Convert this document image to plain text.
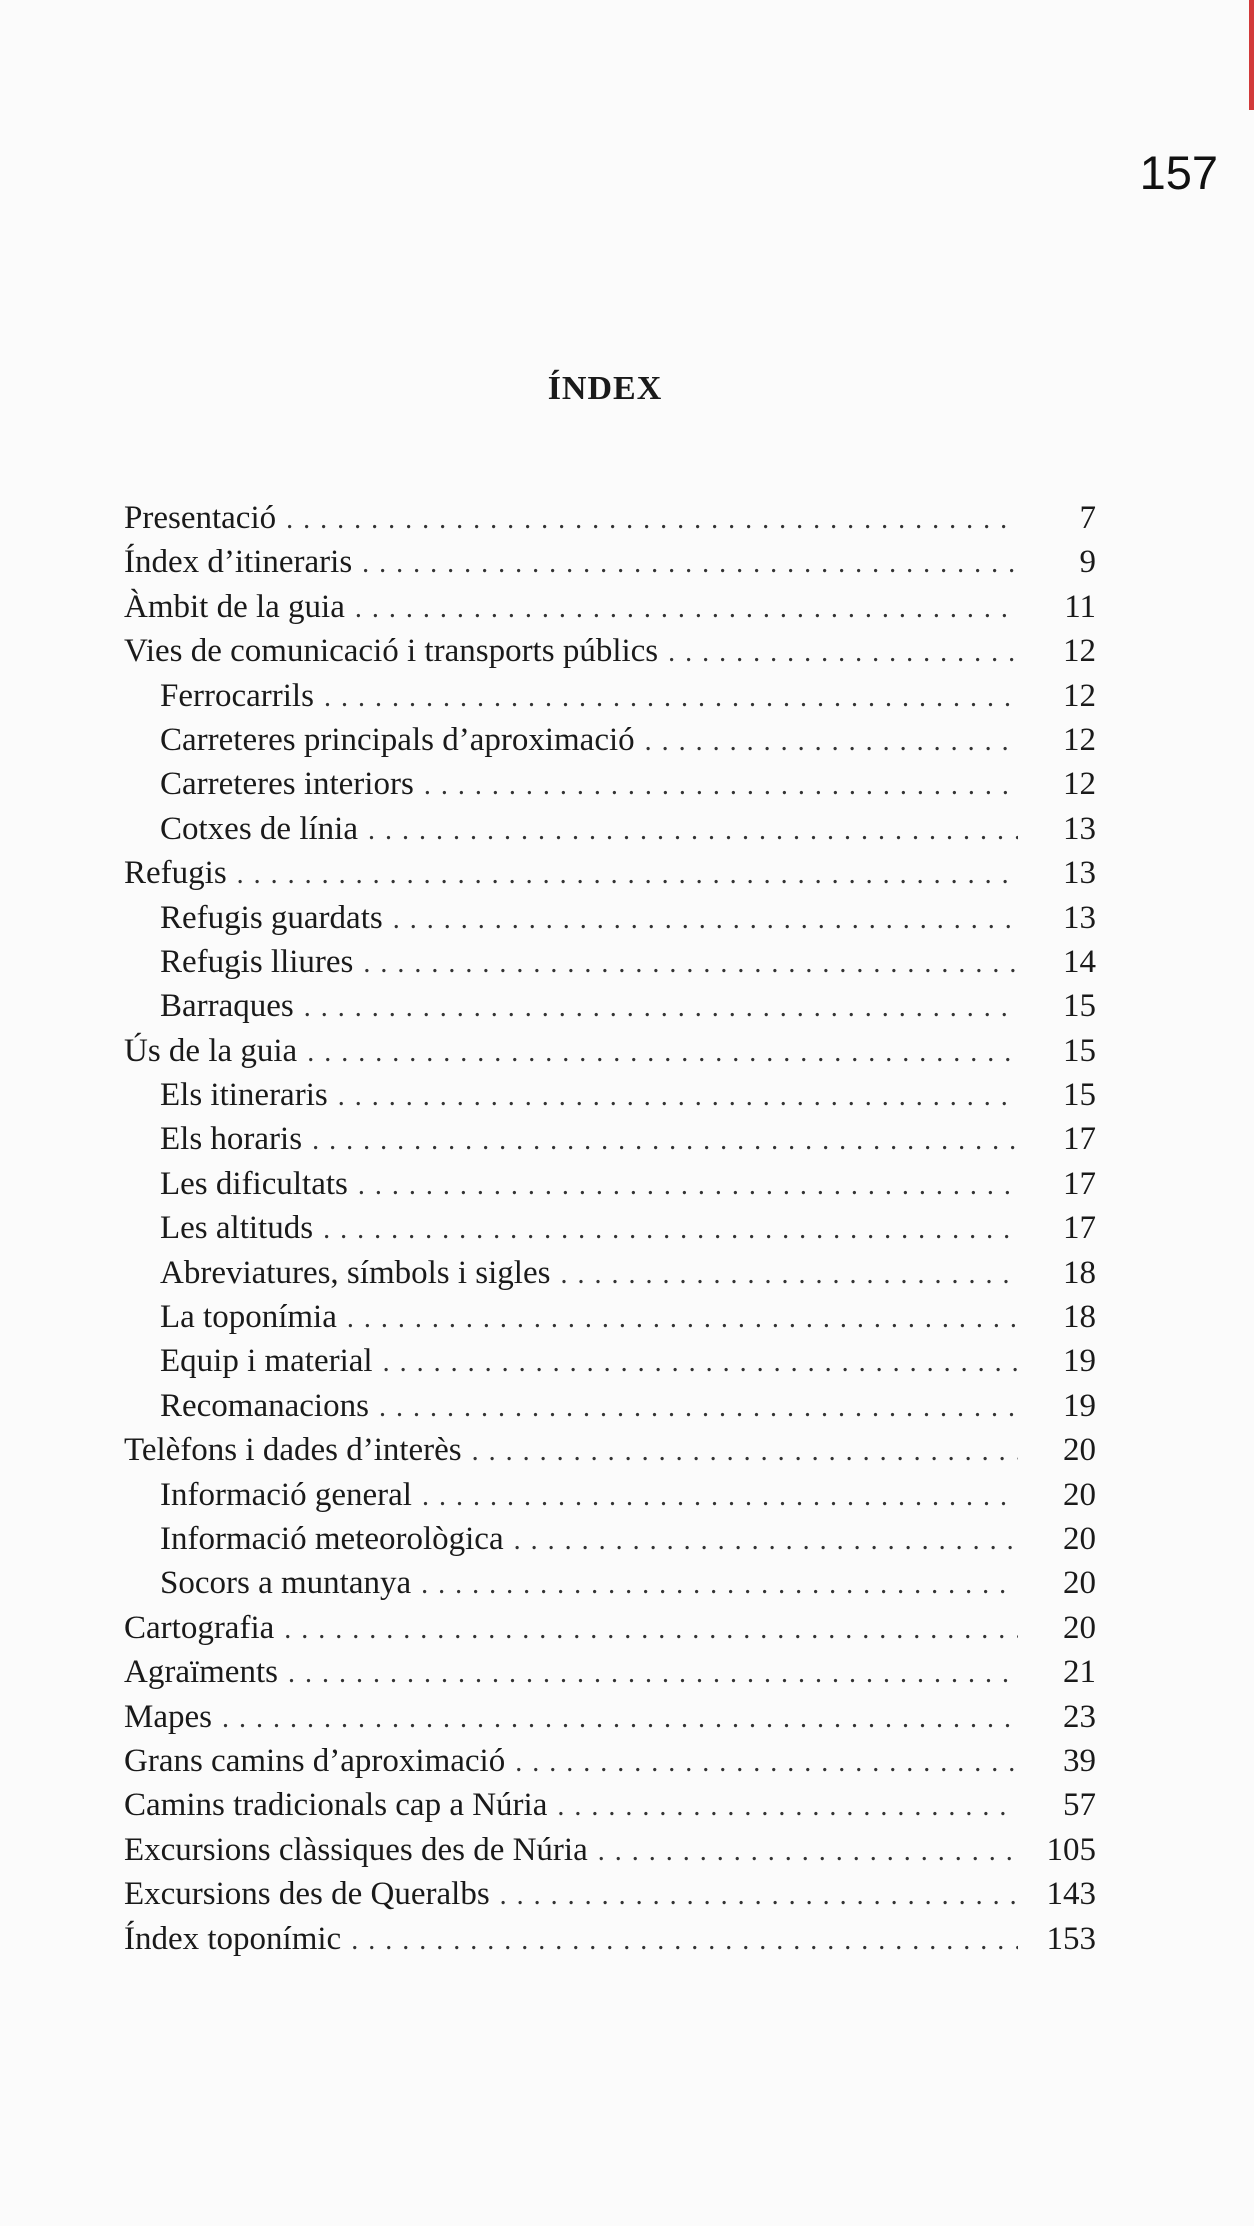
157
ÍNDEX
Presentació . . .	7
Índex d’itineraris . . .	9
Àmbit de la guia . . .	11
Vies de comunicació i transports públics . . .	12
Ferrocarrils . . .	12
Carreteres principals d’aproximació . . .	12
Carreteres interiors . . .	12
Cotxes de línia . . .	13
Refugis . . .	13
Refugis guardats . . .	13
Refugis lliures . . .	14
Barraques . . .	15
Ús de la guia . . .	15
Els itineraris . . .	15
Els horaris . . .	17
Les dificultats . . .	17
Les altituds . . .	17
Abreviatures, símbols i sigles . . .	18
La toponímia . . .	18
Equip i material . . .	19
Recomanacions . . .	19
Telèfons i dades d’interès . . .	20
Informació general . . .	20
Informació meteorològica . . .	20
Socors a muntanya . . .	20
Cartografia . . .	20
Agraïments . . .	21
Mapes . . .	23
Grans camins d’aproximació . . .	39
Camins tradicionals cap a Núria . . .	57
Excursions clàssiques des de Núria . . .	105
Excursions des de Queralbs . . .	143
Índex toponímic . . .	153
